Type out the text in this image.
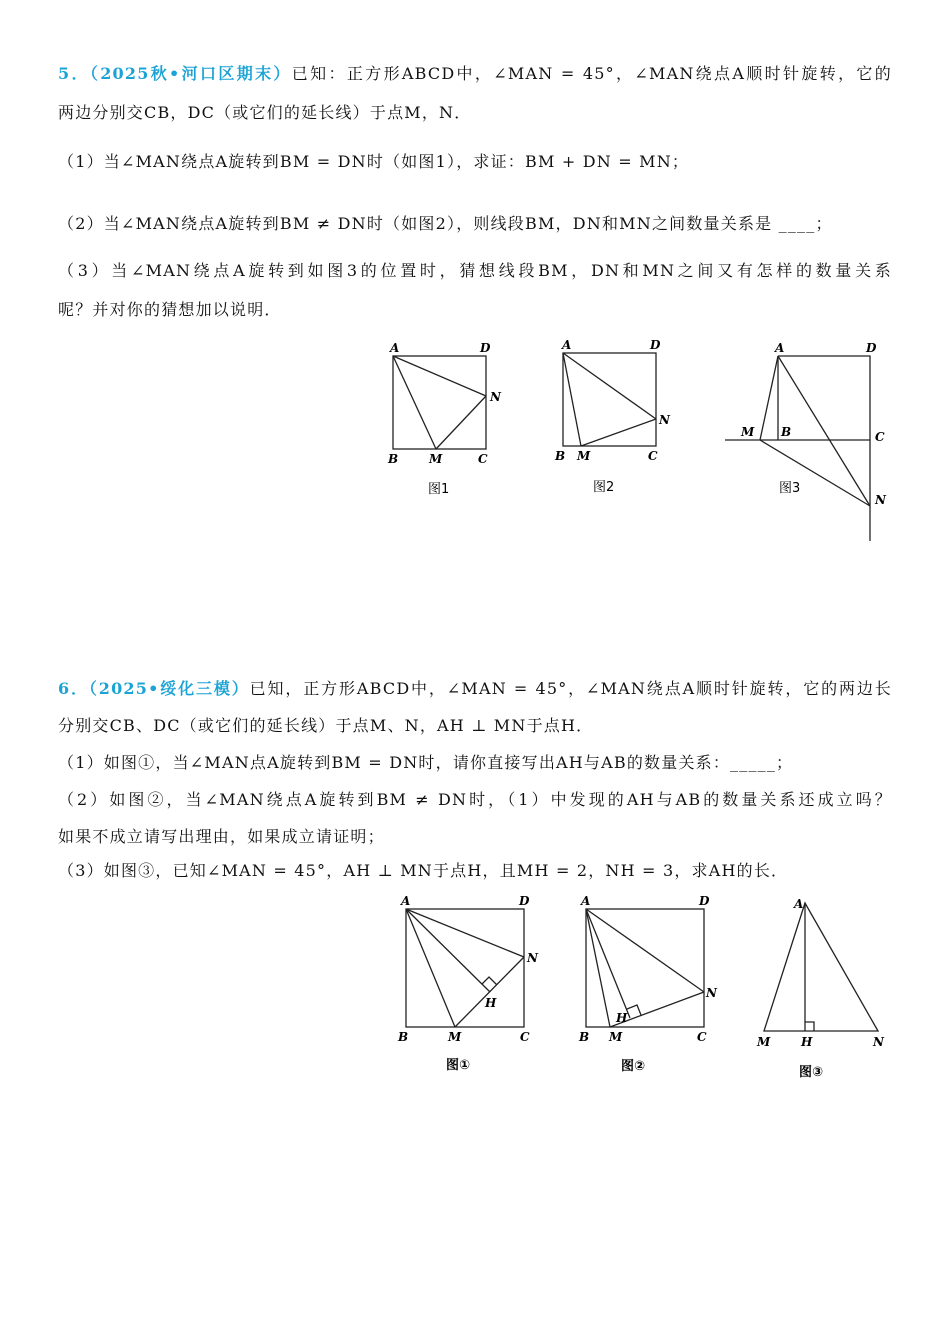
5．（2025秋•河口区期末）已知：正方形ABCD中，∠MAN = 45°，∠MAN绕点A顺时针旋转，它的
两边分别交CB，DC（或它们的延长线）于点M，N．
（1）当∠MAN绕点A旋转到BM = DN时（如图1），求证：BM + DN = MN；
（2）当∠MAN绕点A旋转到BM ≠ DN时（如图2），则线段BM，DN和MN之间数量关系是 ____；
（3）当∠MAN绕点A旋转到如图3的位置时，猜想线段BM，DN和MN之间又有怎样的数量关系
呢？并对你的猜想加以说明．
A	D
B	M	C
N
图1
A	D
B M	C
N
图2
A	D
M B	C
N
图3
6．（2025•绥化三模）已知，正方形ABCD中，∠MAN = 45°，∠MAN绕点A顺时针旋转，它的两边长
分别交CB、DC（或它们的延长线）于点M、N，AH ⊥ MN于点H．
（1）如图①，当∠MAN点A旋转到BM = DN时，请你直接写出AH与AB的数量关系：_____；
（2）如图②，当∠MAN绕点A旋转到BM ≠ DN时，（1）中发现的AH与AB的数量关系还成立吗？
如果不成立请写出理由，如果成立请证明；
（3）如图③，已知∠MAN = 45°，AH ⊥ MN于点H，且MH = 2，NH = 3，求AH的长．
A	D
B	M	C
N
H
图①
A	D
B M	C
N
H
图②
A
M	H	N
图③
